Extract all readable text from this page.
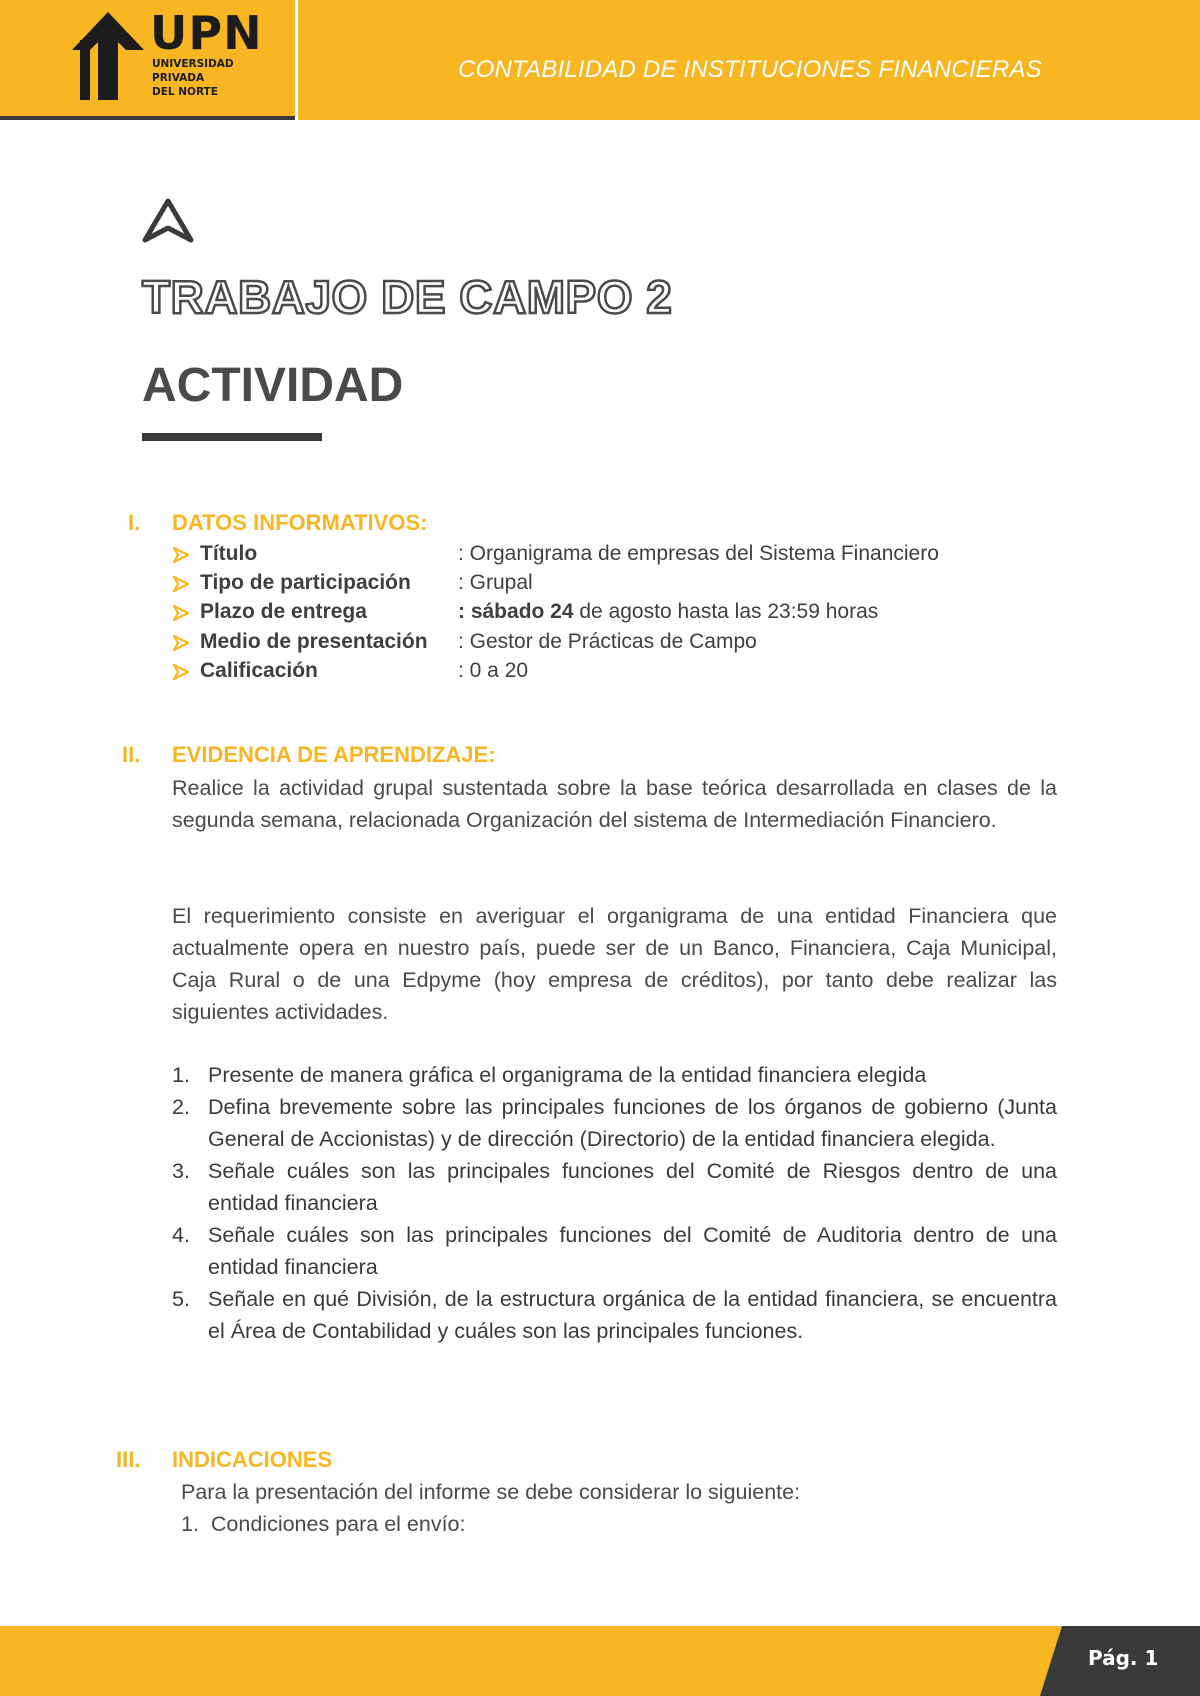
UPN
UNIVERSIDAD
PRIVADA
DEL NORTE
CONTABILIDAD DE INSTITUCIONES FINANCIERAS
TRABAJO DE CAMPO 2
ACTIVIDAD
I. DATOS INFORMATIVOS:
Título	: Organigrama de empresas del Sistema Financiero
Tipo de participación : Grupal
Plazo de entrega	: sábado 24 de agosto hasta las 23:59 horas
Medio de presentación : Gestor de Prácticas de Campo
Calificación	: 0 a 20
II. EVIDENCIA DE APRENDIZAJE:
Realice la actividad grupal sustentada sobre la base teórica desarrollada en clases de la segunda semana, relacionada Organización del sistema de Intermediación Financiero.
El requerimiento consiste en averiguar el organigrama de una entidad Financiera que actualmente opera en nuestro país, puede ser de un Banco, Financiera, Caja Municipal, Caja Rural o de una Edpyme (hoy empresa de créditos), por tanto debe realizar las siguientes actividades.
1. Presente de manera gráfica el organigrama de la entidad financiera elegida
2. Defina brevemente sobre las principales funciones de los órganos de gobierno (Junta General de Accionistas) y de dirección (Directorio) de la entidad financiera elegida.
3. Señale cuáles son las principales funciones del Comité de Riesgos dentro de una entidad financiera
4. Señale cuáles son las principales funciones del Comité de Auditoria dentro de una entidad financiera
5. Señale en qué División, de la estructura orgánica de la entidad financiera, se encuentra el Área de Contabilidad y cuáles son las principales funciones.
III. INDICACIONES
Para la presentación del informe se debe considerar lo siguiente:
1. Condiciones para el envío:
Pág. 1
